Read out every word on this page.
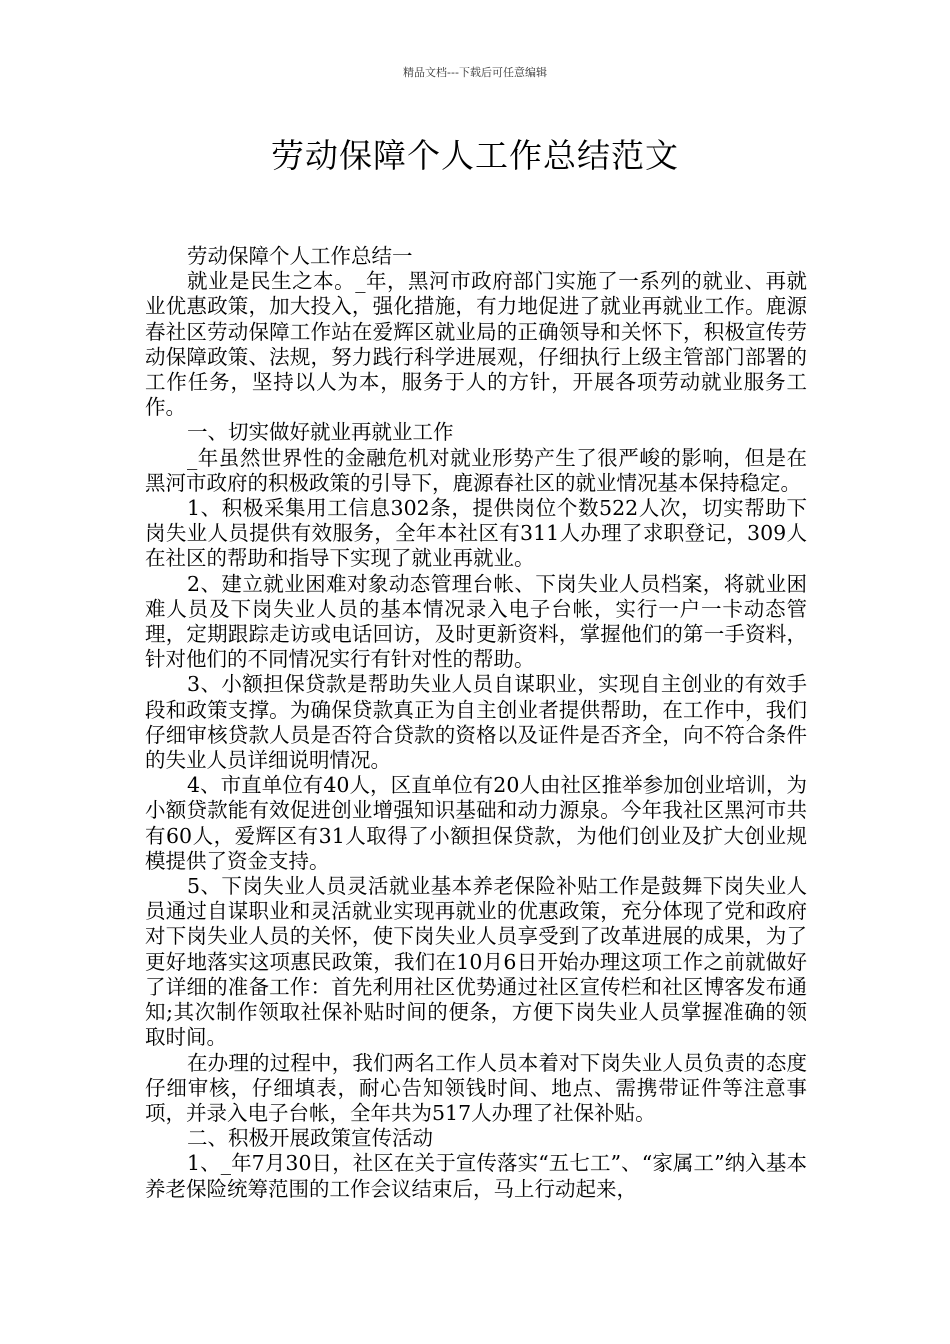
精品文档---下载后可任意编辑
劳动保障个人工作总结范文

劳动保障个人工作总结一

就业是民生之本。_年，黑河市政府部门实施了一系列的就业、再就业优惠政策，加大投入，强化措施，有力地促进了就业再就业工作。鹿源春社区劳动保障工作站在爱辉区就业局的正确领导和关怀下，积极宣传劳动保障政策、法规，努力践行科学进展观，仔细执行上级主管部门部署的工作任务，坚持以人为本，服务于人的方针，开展各项劳动就业服务工作。

一、切实做好就业再就业工作

_年虽然世界性的金融危机对就业形势产生了很严峻的影响，但是在黑河市政府的积极政策的引导下，鹿源春社区的就业情况基本保持稳定。

1、积极采集用工信息302条，提供岗位个数522人次，切实帮助下岗失业人员提供有效服务，全年本社区有311人办理了求职登记，309人在社区的帮助和指导下实现了就业再就业。

2、建立就业困难对象动态管理台帐、下岗失业人员档案，将就业困难人员及下岗失业人员的基本情况录入电子台帐，实行一户一卡动态管理，定期跟踪走访或电话回访，及时更新资料，掌握他们的第一手资料，针对他们的不同情况实行有针对性的帮助。

3、小额担保贷款是帮助失业人员自谋职业，实现自主创业的有效手段和政策支撑。为确保贷款真正为自主创业者提供帮助，在工作中，我们仔细审核贷款人员是否符合贷款的资格以及证件是否齐全，向不符合条件的失业人员详细说明情况。

4、市直单位有40人，区直单位有20人由社区推举参加创业培训，为小额贷款能有效促进创业增强知识基础和动力源泉。今年我社区黑河市共有60人，爱辉区有31人取得了小额担保贷款，为他们创业及扩大创业规模提供了资金支持。

5、下岗失业人员灵活就业基本养老保险补贴工作是鼓舞下岗失业人员通过自谋职业和灵活就业实现再就业的优惠政策，充分体现了党和政府对下岗失业人员的关怀，使下岗失业人员享受到了改革进展的成果，为了更好地落实这项惠民政策，我们在10月6日开始办理这项工作之前就做好了详细的准备工作：首先利用社区优势通过社区宣传栏和社区博客发布通知;其次制作领取社保补贴时间的便条，方便下岗失业人员掌握准确的领取时间。

在办理的过程中，我们两名工作人员本着对下岗失业人员负责的态度仔细审核，仔细填表，耐心告知领钱时间、地点、需携带证件等注意事项，并录入电子台帐，全年共为517人办理了社保补贴。

二、积极开展政策宣传活动

1、_年7月30日，社区在关于宣传落实“五七工”、“家属工”纳入基本养老保险统筹范围的工作会议结束后，马上行动起来，
